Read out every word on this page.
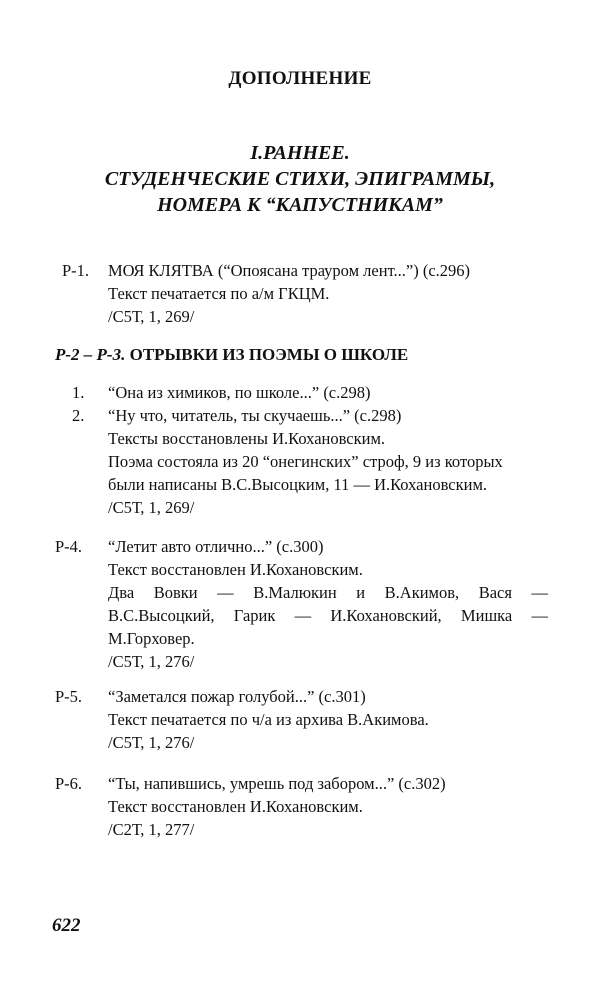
ДОПОЛНЕНИЕ
I.РАННЕЕ.
СТУДЕНЧЕСКИЕ СТИХИ, ЭПИГРАММЫ,
НОМЕРА К “КАПУСТНИКАМ”
Р-1. МОЯ КЛЯТВА (“Опоясана трауром лент...”) (с.296)
Текст печатается по а/м ГКЦМ.
/С5Т, 1, 269/
Р-2 – Р-3. ОТРЫВКИ ИЗ ПОЭМЫ О ШКОЛЕ
1. “Она из химиков, по школе...” (с.298)
2. “Ну что, читатель, ты скучаешь...” (с.298)
Тексты восстановлены И.Кохановским.
Поэма состояла из 20 “онегинских” строф, 9 из которых
были написаны В.С.Высоцким, 11 — И.Кохановским.
/С5Т, 1, 269/
Р-4. “Летит авто отлично...” (с.300)
Текст восстановлен И.Кохановским.
Два Вовки — В.Малюкин и В.Акимов, Вася —
В.С.Высоцкий, Гарик — И.Кохановский, Мишка —
М.Горховер.
/С5Т, 1, 276/
Р-5. “Заметался пожар голубой...” (с.301)
Текст печатается по ч/а из архива В.Акимова.
/С5Т, 1, 276/
Р-6. “Ты, напившись, умрешь под забором...” (с.302)
Текст восстановлен И.Кохановским.
/С2Т, 1, 277/
622
